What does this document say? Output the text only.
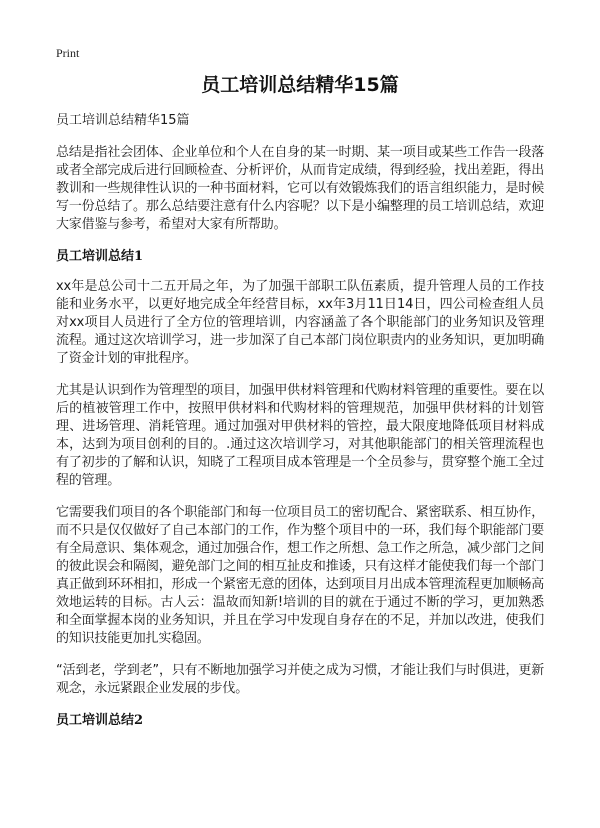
Print
员工培训总结精华15篇
员工培训总结精华15篇

总结是指社会团体、企业单位和个人在自身的某一时期、某一项目或某些工作告一段落或者全部完成后进行回顾检查、分析评价，从而肯定成绩，得到经验，找出差距，得出教训和一些规律性认识的一种书面材料，它可以有效锻炼我们的语言组织能力，是时候写一份总结了。那么总结要注意有什么内容呢？以下是小编整理的员工培训总结，欢迎大家借鉴与参考，希望对大家有所帮助。

员工培训总结1

xx年是总公司十二五开局之年，为了加强干部职工队伍素质，提升管理人员的工作技能和业务水平，以更好地完成全年经营目标，xx年3月11日14日，四公司检查组人员对xx项目人员进行了全方位的管理培训，内容涵盖了各个职能部门的业务知识及管理流程。通过这次培训学习，进一步加深了自己本部门岗位职责内的业务知识，更加明确了资金计划的审批程序。

尤其是认识到作为管理型的项目，加强甲供材料管理和代购材料管理的重要性。要在以后的植被管理工作中，按照甲供材料和代购材料的管理规范，加强甲供材料的计划管理、进场管理、消耗管理。通过加强对甲供材料的管控，最大限度地降低项目材料成本，达到为项目创利的目的。.通过这次培训学习，对其他职能部门的相关管理流程也有了初步的了解和认识，知晓了工程项目成本管理是一个全员参与，贯穿整个施工全过程的管理。

它需要我们项目的各个职能部门和每一位项目员工的密切配合、紧密联系、相互协作，而不只是仅仅做好了自己本部门的工作，作为整个项目中的一环，我们每个职能部门要有全局意识、集体观念，通过加强合作，想工作之所想、急工作之所急，减少部门之间的彼此误会和隔阂，避免部门之间的相互扯皮和推诿，只有这样才能使我们每一个部门真正做到环环相扣，形成一个紧密无意的团体，达到项目月出成本管理流程更加顺畅高效地运转的目标。古人云：温故而知新!培训的目的就在于通过不断的学习，更加熟悉和全面掌握本岗的业务知识，并且在学习中发现自身存在的不足，并加以改进，使我们的知识技能更加扎实稳固。

“活到老，学到老”，只有不断地加强学习并使之成为习惯，才能让我们与时俱进，更新观念，永远紧跟企业发展的步伐。

员工培训总结2
